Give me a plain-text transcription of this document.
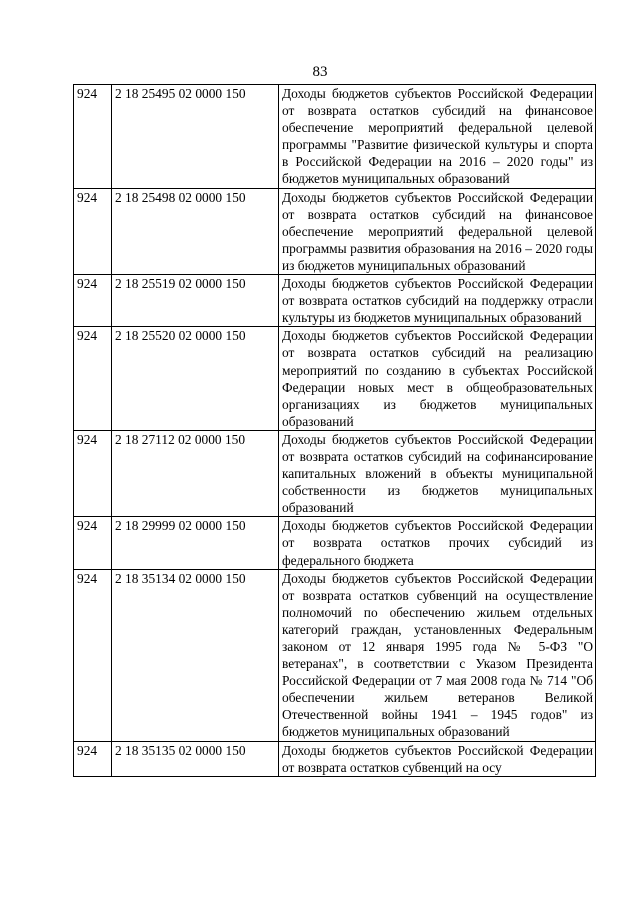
83
924	2 18 25495 02 0000 150	Доходы бюджетов субъектов Российской Федерации от возврата остатков субсидий на финансовое обеспечение мероприятий федеральной целевой программы "Развитие физической культуры и спорта в Российской Федерации на 2016 – 2020 годы" из бюджетов муниципальных образований
924	2 18 25498 02 0000 150	Доходы бюджетов субъектов Российской Федерации от возврата остатков субсидий на финансовое обеспечение мероприятий федеральной целевой программы развития образования на 2016 – 2020 годы из бюджетов муниципальных образований
924	2 18 25519 02 0000 150	Доходы бюджетов субъектов Российской Федерации от возврата остатков субсидий на поддержку отрасли культуры из бюджетов муниципальных образований
924	2 18 25520 02 0000 150	Доходы бюджетов субъектов Российской Федерации от возврата остатков субсидий на реализацию мероприятий по созданию в субъектах Российской Федерации новых мест в общеобразовательных организациях из бюджетов муниципальных образований
924	2 18 27112 02 0000 150	Доходы бюджетов субъектов Российской Федерации от возврата остатков субсидий на софинансирование капитальных вложений в объекты муниципальной собственности из бюджетов муниципальных образований
924	2 18 29999 02 0000 150	Доходы бюджетов субъектов Российской Федерации от возврата остатков прочих субсидий из федерального бюджета
924	2 18 35134 02 0000 150	Доходы бюджетов субъектов Российской Федерации от возврата остатков субвенций на осуществление полномочий по обеспечению жильем отдельных категорий граждан, установленных Федеральным законом от 12 января 1995 года № 5-ФЗ "О ветеранах", в соответствии с Указом Президента Российской Федерации от 7 мая 2008 года № 714 "Об обеспечении жильем ветеранов Великой Отечественной войны 1941 – 1945 годов" из бюджетов муниципальных образований
924	2 18 35135 02 0000 150	Доходы бюджетов субъектов Российской Федерации от возврата остатков субвенций на осу
